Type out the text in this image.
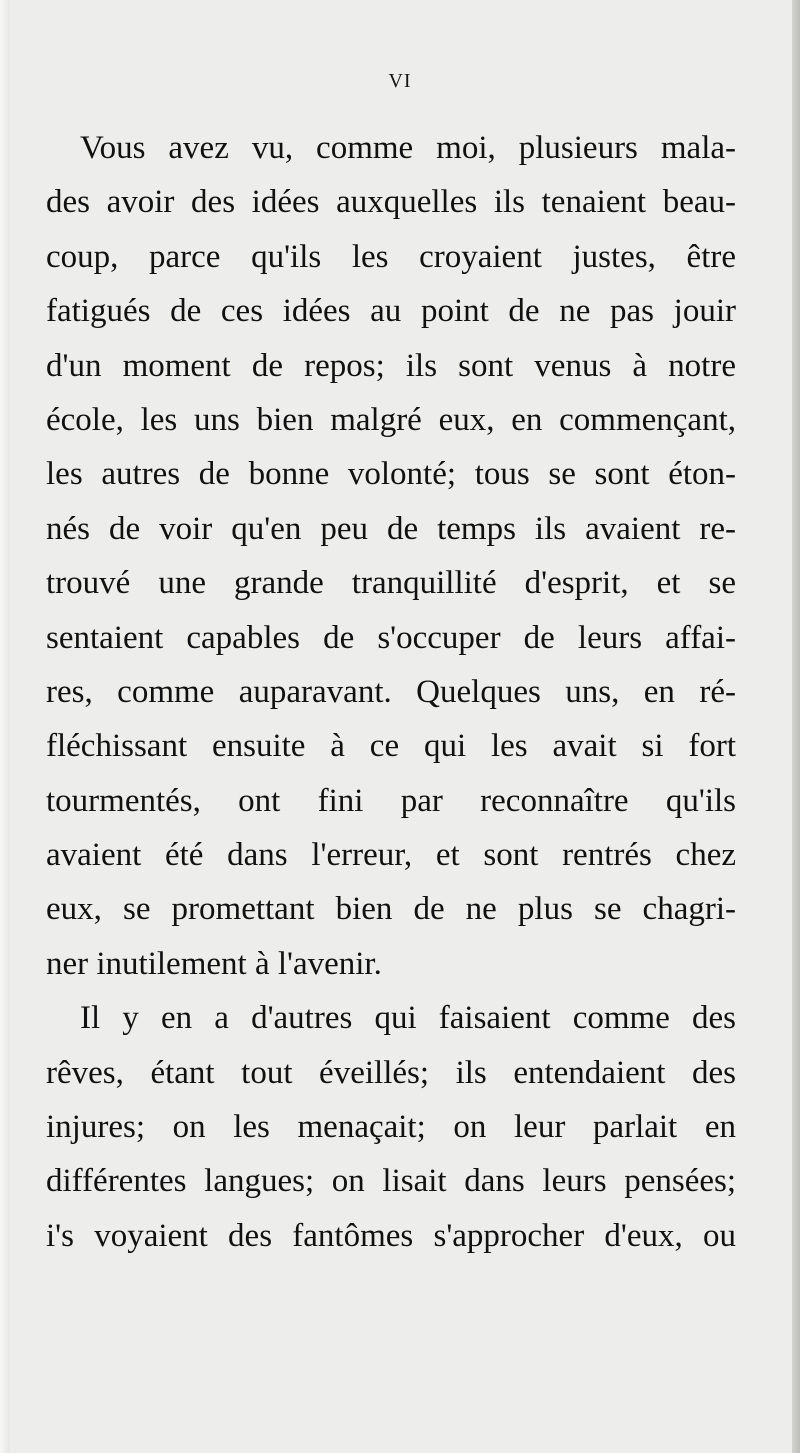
VI
Vous avez vu, comme moi, plusieurs mala-
des avoir des idées auxquelles ils tenaient beau-
coup, parce qu'ils les croyaient justes, être
fatigués de ces idées au point de ne pas jouir
d'un moment de repos; ils sont venus à notre
école, les uns bien malgré eux, en commençant,
les autres de bonne volonté; tous se sont éton-
nés de voir qu'en peu de temps ils avaient re-
trouvé une grande tranquillité d'esprit, et se
sentaient capables de s'occuper de leurs affai-
res, comme auparavant. Quelques uns, en ré-
fléchissant ensuite à ce qui les avait si fort
tourmentés, ont fini par reconnaître qu'ils
avaient été dans l'erreur, et sont rentrés chez
eux, se promettant bien de ne plus se chagri-
ner inutilement à l'avenir.
Il y en a d'autres qui faisaient comme des
rêves, étant tout éveillés; ils entendaient des
injures; on les menaçait; on leur parlait en
différentes langues; on lisait dans leurs pensées;
i's voyaient des fantômes s'approcher d'eux, ou
